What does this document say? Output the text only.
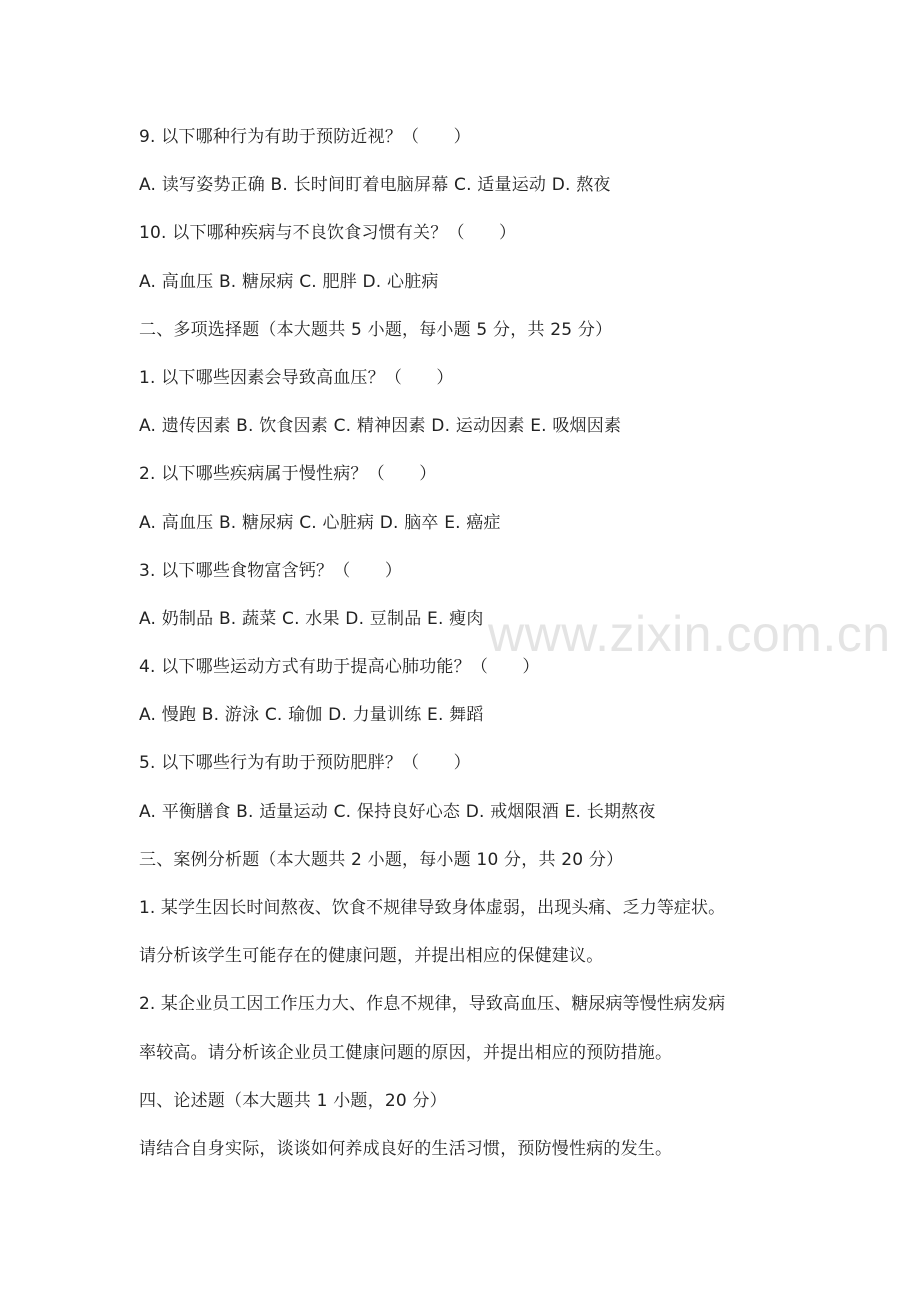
9. 以下哪种行为有助于预防近视？（　　）
A. 读写姿势正确 B. 长时间盯着电脑屏幕 C. 适量运动 D. 熬夜
10. 以下哪种疾病与不良饮食习惯有关？（　　）
A. 高血压 B. 糖尿病 C. 肥胖 D. 心脏病
二、多项选择题（本大题共 5 小题，每小题 5 分，共 25 分）
1. 以下哪些因素会导致高血压？（　　）
A. 遗传因素 B. 饮食因素 C. 精神因素 D. 运动因素 E. 吸烟因素
2. 以下哪些疾病属于慢性病？（　　）
A. 高血压 B. 糖尿病 C. 心脏病 D. 脑卒 E. 癌症
3. 以下哪些食物富含钙？（　　）
A. 奶制品 B. 蔬菜 C. 水果 D. 豆制品 E. 瘦肉
4. 以下哪些运动方式有助于提高心肺功能？（　　）
A. 慢跑 B. 游泳 C. 瑜伽 D. 力量训练 E. 舞蹈
5. 以下哪些行为有助于预防肥胖？（　　）
A. 平衡膳食 B. 适量运动 C. 保持良好心态 D. 戒烟限酒 E. 长期熬夜
三、案例分析题（本大题共 2 小题，每小题 10 分，共 20 分）
1. 某学生因长时间熬夜、饮食不规律导致身体虚弱，出现头痛、乏力等症状。
请分析该学生可能存在的健康问题，并提出相应的保健建议。
2. 某企业员工因工作压力大、作息不规律，导致高血压、糖尿病等慢性病发病
率较高。请分析该企业员工健康问题的原因，并提出相应的预防措施。
四、论述题（本大题共 1 小题，20 分）
请结合自身实际，谈谈如何养成良好的生活习惯，预防慢性病的发生。
www.zixin.com.cn
